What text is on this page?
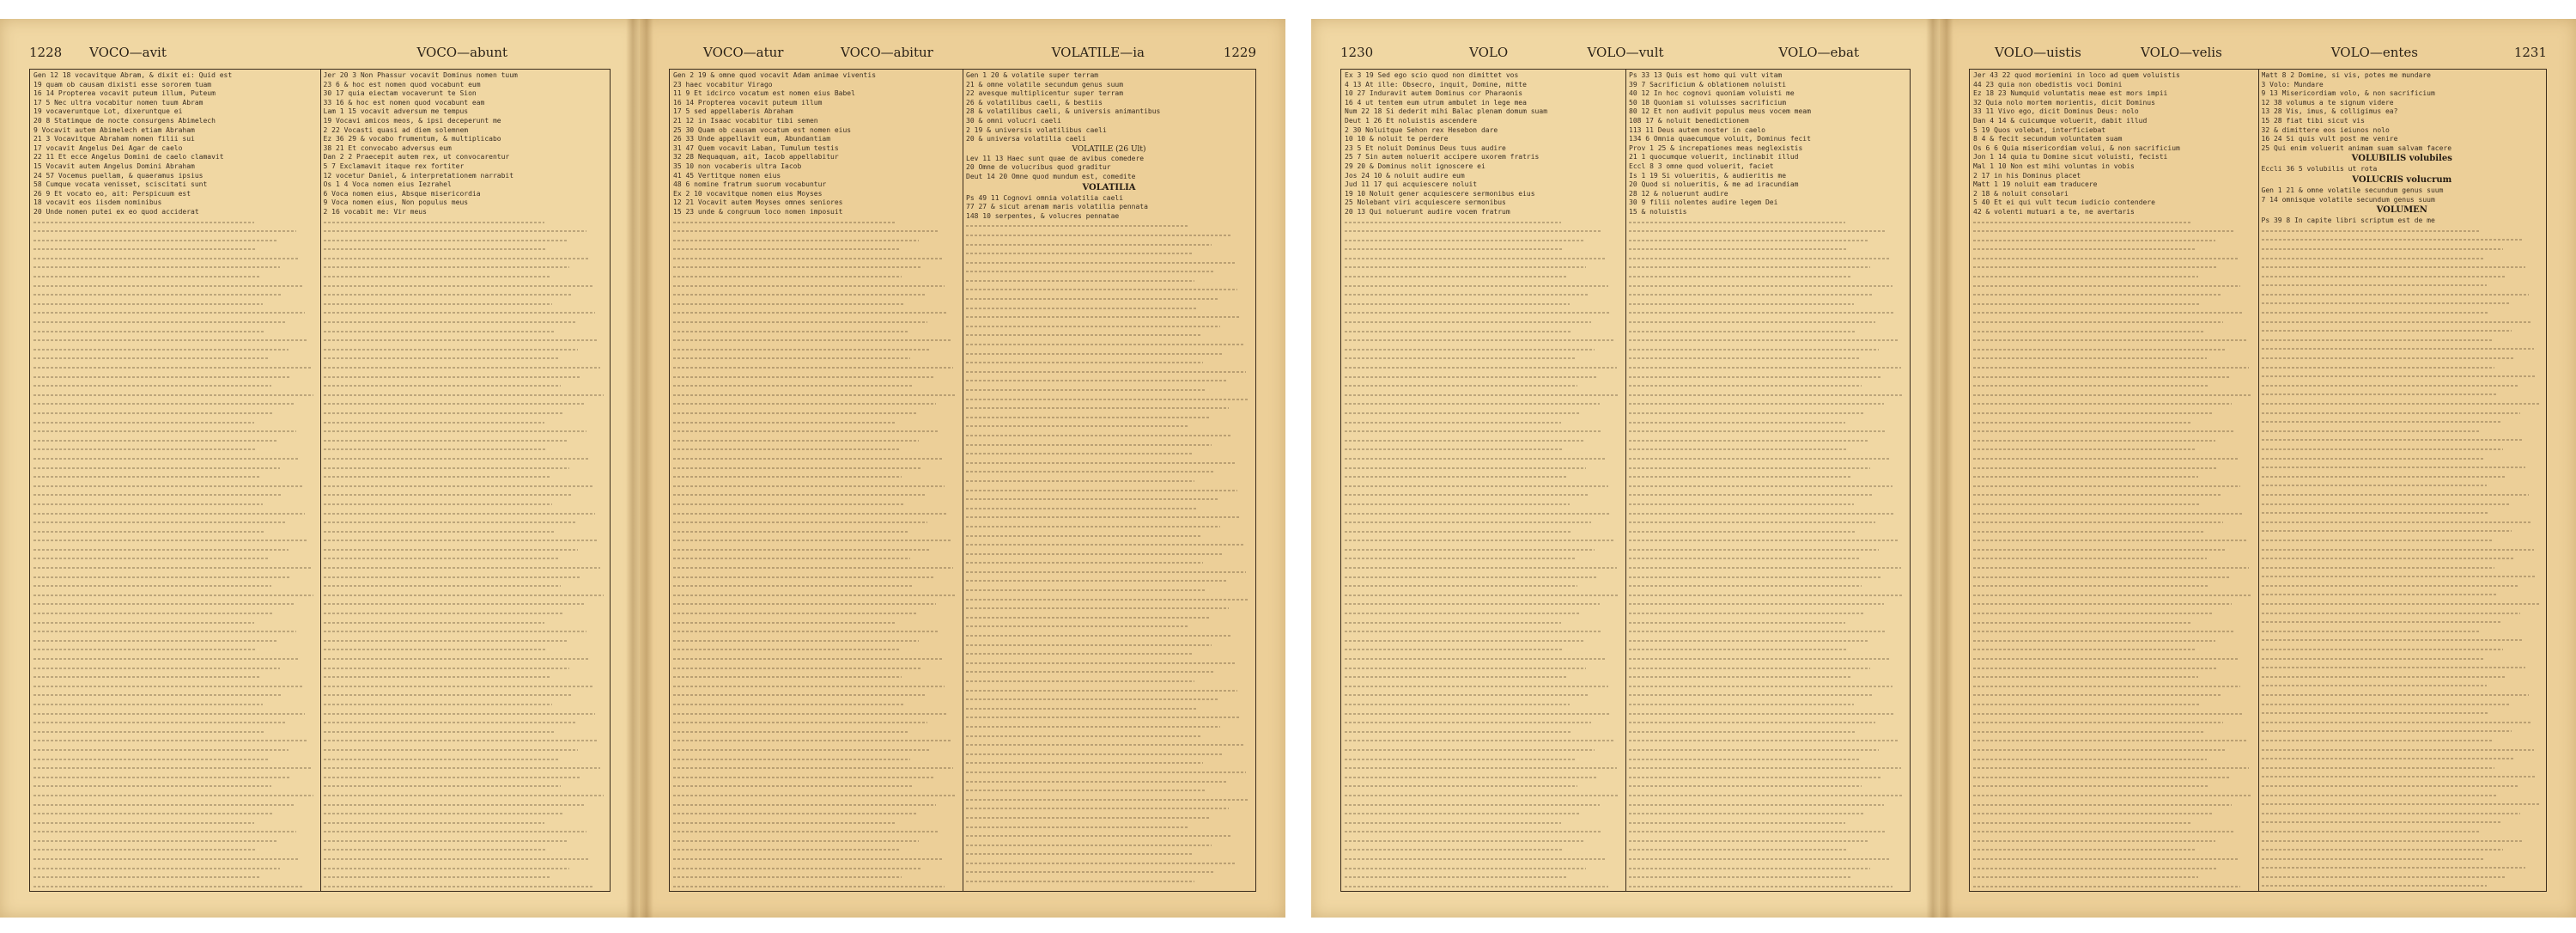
1228 VOCO—avit	VOCO—abunt
Gen 12 18 vocavitque Abram, & dixit ei: Quid est
19 quam ob causam dixisti esse sororem tuam
16 14 Propterea vocavit puteum illum, Puteum
17 5 Nec ultra vocabitur nomen tuum Abram
19 vocaveruntque Lot, dixeruntque ei
20 8 Statimque de nocte consurgens Abimelech
9 Vocavit autem Abimelech etiam Abraham
21 3 Vocavitque Abraham nomen filii sui
17 vocavit Angelus Dei Agar de caelo
22 11 Et ecce Angelus Domini de caelo clamavit
15 Vocavit autem Angelus Domini Abraham
24 57 Vocemus puellam, & quaeramus ipsius
58 Cumque vocata venisset, sciscitati sunt
26 9 Et vocato eo, ait: Perspicuum est
18 vocavit eos iisdem nominibus
20 Unde nomen putei ex eo quod acciderat
Jer 20 3 Non Phassur vocavit Dominus nomen tuum
23 6 & hoc est nomen quod vocabunt eum
30 17 quia eiectam vocaverunt te Sion
33 16 & hoc est nomen quod vocabunt eam
Lam 1 15 vocavit adversum me tempus
19 Vocavi amicos meos, & ipsi deceperunt me
2 22 Vocasti quasi ad diem solemnem
Ez 36 29 & vocabo frumentum, & multiplicabo
38 21 Et convocabo adversus eum
Dan 2 2 Praecepit autem rex, ut convocarentur
5 7 Exclamavit itaque rex fortiter
12 vocetur Daniel, & interpretationem narrabit
Os 1 4 Voca nomen eius Iezrahel
6 Voca nomen eius, Absque misericordia
9 Voca nomen eius, Non populus meus
2 16 vocabit me: Vir meus
VOCO—atur	VOCO—abitur	VOLATILE—ia	1229
Gen 2 19 & omne quod vocavit Adam animae viventis
23 haec vocabitur Virago
11 9 Et idcirco vocatum est nomen eius Babel
16 14 Propterea vocavit puteum illum
17 5 sed appellaberis Abraham
21 12 in Isaac vocabitur tibi semen
25 30 Quam ob causam vocatum est nomen eius
26 33 Unde appellavit eum, Abundantiam
31 47 Quem vocavit Laban, Tumulum testis
32 28 Nequaquam, ait, Iacob appellabitur
35 10 non vocaberis ultra Iacob
41 45 Vertitque nomen eius
48 6 nomine fratrum suorum vocabuntur
Ex 2 10 vocavitque nomen eius Moyses
12 21 Vocavit autem Moyses omnes seniores
15 23 unde & congruum loco nomen imposuit
Gen 1 20 & volatile super terram
21 & omne volatile secundum genus suum
22 avesque multiplicentur super terram
26 & volatilibus caeli, & bestiis
28 & volatilibus caeli, & universis animantibus
30 & omni volucri caeli
2 19 & universis volatilibus caeli
20 & universa volatilia caeli
VOLATILE (26 Ult)
Lev 11 13 Haec sunt quae de avibus comedere
20 Omne de volucribus quod graditur
Deut 14 20 Omne quod mundum est, comedite
VOLATILIA
Ps 49 11 Cognovi omnia volatilia caeli
77 27 & sicut arenam maris volatilia pennata
148 10 serpentes, & volucres pennatae
1230	VOLO	VOLO—vult	VOLO—ebat
Ex 3 19 Sed ego scio quod non dimittet vos
4 13 At ille: Obsecro, inquit, Domine, mitte
10 27 Induravit autem Dominus cor Pharaonis
16 4 ut tentem eum utrum ambulet in lege mea
Num 22 18 Si dederit mihi Balac plenam domum suam
Deut 1 26 Et noluistis ascendere
2 30 Noluitque Sehon rex Hesebon dare
10 10 & noluit te perdere
23 5 Et noluit Dominus Deus tuus audire
25 7 Sin autem noluerit accipere uxorem fratris
29 20 & Dominus nolit ignoscere ei
Jos 24 10 & noluit audire eum
Jud 11 17 qui acquiescere noluit
19 10 Noluit gener acquiescere sermonibus eius
25 Nolebant viri acquiescere sermonibus
20 13 Qui noluerunt audire vocem fratrum
Ps 33 13 Quis est homo qui vult vitam
39 7 Sacrificium & oblationem noluisti
40 12 In hoc cognovi quoniam voluisti me
50 18 Quoniam si voluisses sacrificium
80 12 Et non audivit populus meus vocem meam
108 17 & noluit benedictionem
113 11 Deus autem noster in caelo
134 6 Omnia quaecumque voluit, Dominus fecit
Prov 1 25 & increpationes meas neglexistis
21 1 quocumque voluerit, inclinabit illud
Eccl 8 3 omne quod voluerit, faciet
Is 1 19 Si volueritis, & audieritis me
20 Quod si nolueritis, & me ad iracundiam
28 12 & noluerunt audire
30 9 filii nolentes audire legem Dei
15 & noluistis
VOLO—uistis	VOLO—velis	VOLO—entes	1231
Jer 43 22 quod moriemini in loco ad quem voluistis
44 23 quia non obedistis voci Domini
Ez 18 23 Numquid voluntatis meae est mors impii
32 Quia nolo mortem morientis, dicit Dominus
33 11 Vivo ego, dicit Dominus Deus: nolo
Dan 4 14 & cuicumque voluerit, dabit illud
5 19 Quos volebat, interficiebat
8 4 & fecit secundum voluntatem suam
Os 6 6 Quia misericordiam volui, & non sacrificium
Jon 1 14 quia tu Domine sicut voluisti, fecisti
Mal 1 10 Non est mihi voluntas in vobis
2 17 in his Dominus placet
Matt 1 19 noluit eam traducere
2 18 & noluit consolari
5 40 Et ei qui vult tecum iudicio contendere
42 & volenti mutuari a te, ne avertaris
Matt 8 2 Domine, si vis, potes me mundare
3 Volo: Mundare
9 13 Misericordiam volo, & non sacrificium
12 38 volumus a te signum videre
13 28 Vis, imus, & colligimus ea?
15 28 fiat tibi sicut vis
32 & dimittere eos ieiunos nolo
16 24 Si quis vult post me venire
25 Qui enim voluerit animam suam salvam facere
VOLUBILIS volubiles
Eccli 36 5 volubilis ut rota
VOLUCRIS volucrum
Gen 1 21 & omne volatile secundum genus suum
7 14 omnisque volatile secundum genus suum
VOLUMEN
Ps 39 8 In capite libri scriptum est de me
